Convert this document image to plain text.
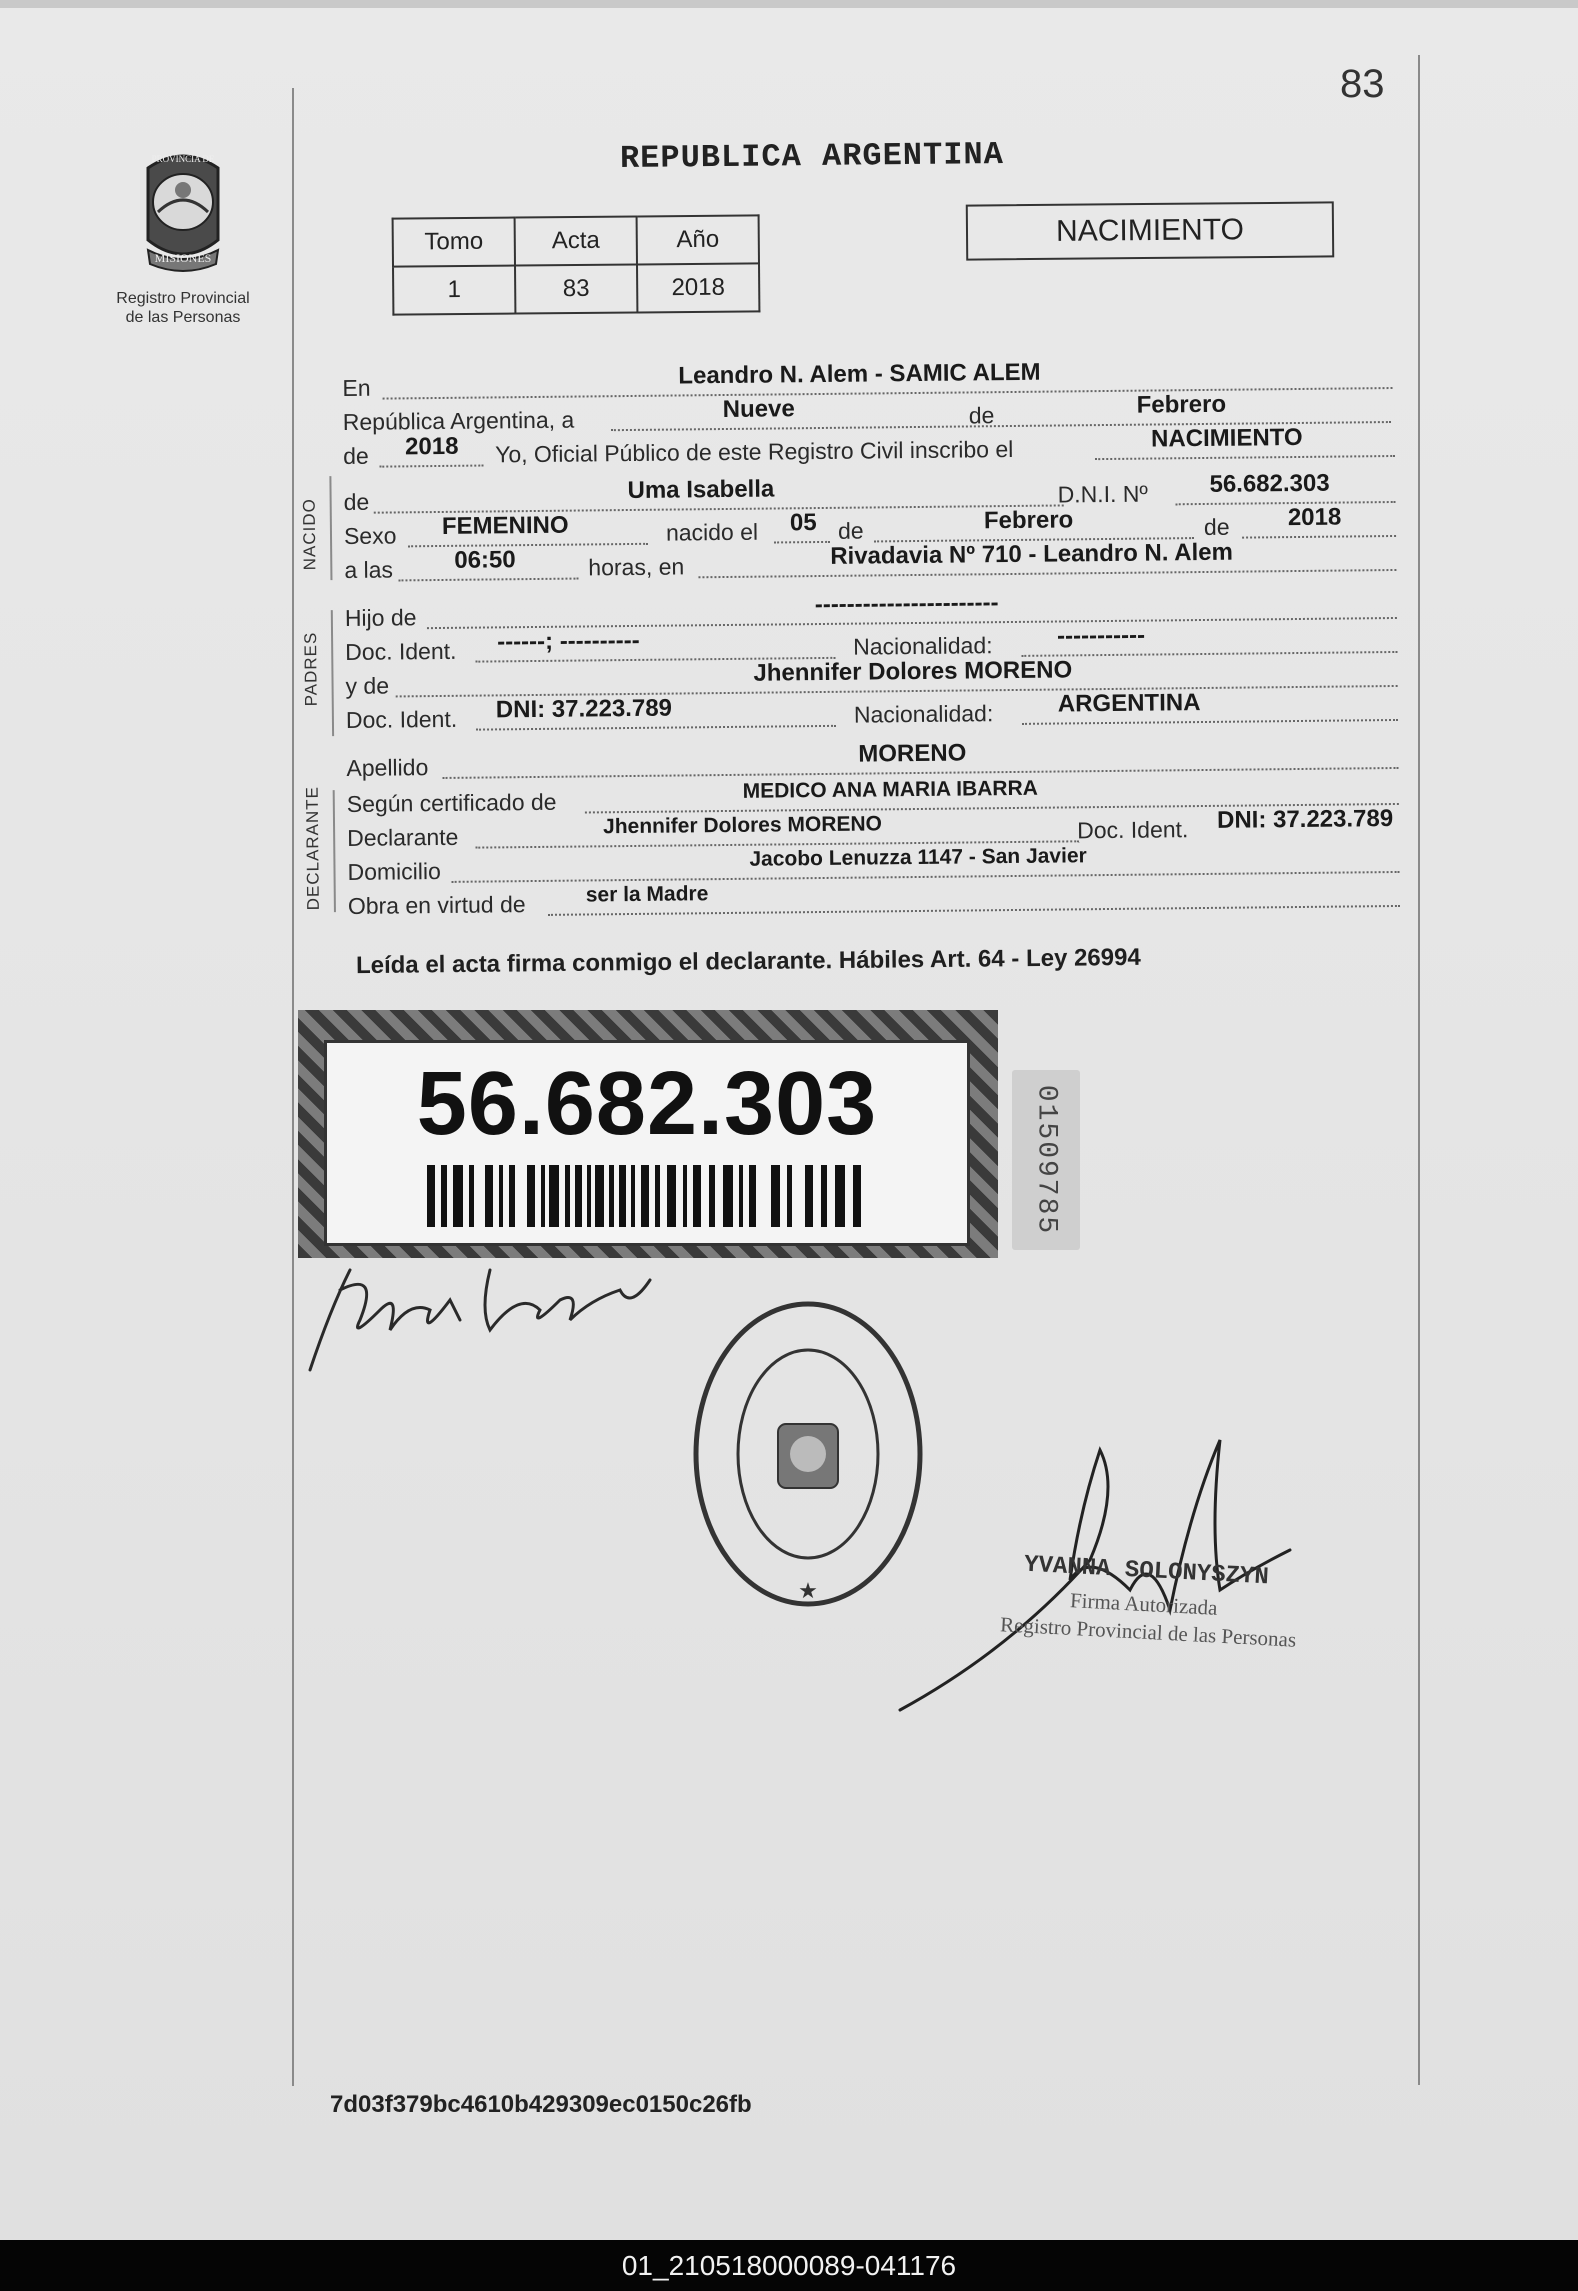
83
MISIONES
PROVINCIA DE
Registro Provincial
de las Personas
REPUBLICA ARGENTINA
Tomo	Acta	Año
1	83	2018
NACIMIENTO
En	Leandro N. Alem - SAMIC ALEM
República Argentina, a	Nueve	de	Febrero
de 2018 Yo, Oficial Público de este Registro Civil inscribo el	NACIMIENTO
NACIDO de	Uma Isabella	D.N.I. Nº	56.682.303
Sexo FEMENINO	nacido el 05 de	Febrero	de 2018
a las	06:50	horas, en	Rivadavia Nº 710 - Leandro N. Alem
PADRES
Hijo de	-----------------------
Doc. Ident. ------; ----------	Nacionalidad:	-----------
y de	Jhennifer Dolores MORENO
Doc. Ident. DNI: 37.223.789	Nacionalidad:	ARGENTINA
Apellido	MORENO
DECLARANTE Según certificado de	MEDICO ANA MARIA IBARRA
Declarante	Jhennifer Dolores MORENO	Doc. Ident. DNI: 37.223.789
Domicilio
Jacobo Lenuzza 1147 - San Javier
Obra en virtud de	ser la Madre
Leída el acta firma conmigo el declarante. Hábiles Art. 64 - Ley 26994
56.682.303	01509785
★	YVANNA SOLONYSZYN
Firma Autorizada
Registro Provincial de las Personas
7d03f379bc4610b429309ec0150c26fb
01_210518000089-041176
